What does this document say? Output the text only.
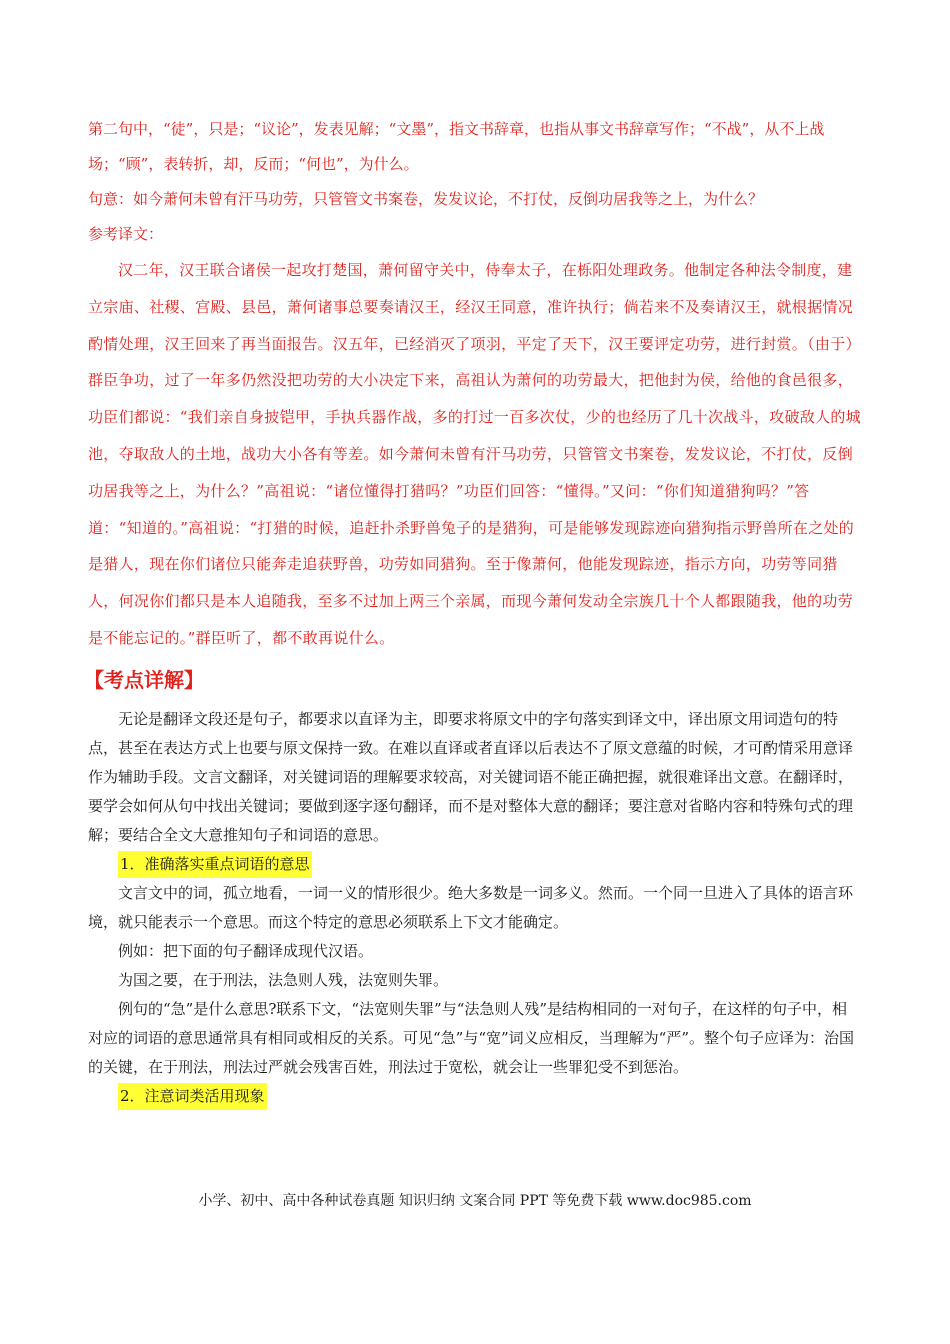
第二句中，“徒”，只是；“议论”，发表见解；“文墨”，指文书辞章，也指从事文书辞章写作；“不战”，从不上战场；“顾”，表转折，却，反而；“何也”，为什么。

句意：如今萧何未曾有汗马功劳，只管管文书案卷，发发议论，不打仗，反倒功居我等之上，为什么？

参考译文：

汉二年，汉王联合诸侯一起攻打楚国，萧何留守关中，侍奉太子，在栎阳处理政务。他制定各种法令制度，建立宗庙、社稷、宫殿、县邑，萧何诸事总要奏请汉王，经汉王同意，准许执行；倘若来不及奏请汉王，就根据情况酌情处理，汉王回来了再当面报告。汉五年，已经消灭了项羽，平定了天下，汉王要评定功劳，进行封赏。（由于）群臣争功，过了一年多仍然没把功劳的大小决定下来，高祖认为萧何的功劳最大，把他封为侯，给他的食邑很多，功臣们都说：“我们亲自身披铠甲，手执兵器作战，多的打过一百多次仗，少的也经历了几十次战斗，攻破敌人的城池，夺取敌人的土地，战功大小各有等差。如今萧何未曾有汗马功劳，只管管文书案卷，发发议论，不打仗，反倒功居我等之上，为什么？”高祖说：“诸位懂得打猎吗？”功臣们回答：“懂得。”又问：“你们知道猎狗吗？”答道：“知道的。”高祖说：“打猎的时候，追赶扑杀野兽兔子的是猎狗，可是能够发现踪迹向猎狗指示野兽所在之处的是猎人，现在你们诸位只能奔走追获野兽，功劳如同猎狗。至于像萧何，他能发现踪迹，指示方向，功劳等同猎人，何况你们都只是本人追随我，至多不过加上两三个亲属，而现今萧何发动全宗族几十个人都跟随我，他的功劳是不能忘记的。”群臣听了，都不敢再说什么。

【考点详解】

无论是翻译文段还是句子，都要求以直译为主，即要求将原文中的字句落实到译文中，译出原文用词造句的特点，甚至在表达方式上也要与原文保持一致。在难以直译或者直译以后表达不了原文意蕴的时候，才可酌情采用意译作为辅助手段。文言文翻译，对关键词语的理解要求较高，对关键词语不能正确把握，就很难译出文意。在翻译时，要学会如何从句中找出关键词；要做到逐字逐句翻译，而不是对整体大意的翻译；要注意对省略内容和特殊句式的理解；要结合全文大意推知句子和词语的意思。

1．准确落实重点词语的意思

文言文中的词，孤立地看，一词一义的情形很少。绝大多数是一词多义。然而。一个同一旦进入了具体的语言环境，就只能表示一个意思。而这个特定的意思必须联系上下文才能确定。

例如：把下面的句子翻译成现代汉语。

为国之要，在于刑法，法急则人残，法宽则失罪。

例句的“急”是什么意思?联系下文，“法宽则失罪”与“法急则人残”是结构相同的一对句子，在这样的句子中，相对应的词语的意思通常具有相同或相反的关系。可见“急”与“宽”词义应相反，当理解为“严”。整个句子应译为：治国的关键，在于刑法，刑法过严就会残害百姓，刑法过于宽松，就会让一些罪犯受不到惩治。

2．注意词类活用现象
小学、初中、高中各种试卷真题 知识归纳 文案合同 PPT 等免费下载 www.doc985.com
